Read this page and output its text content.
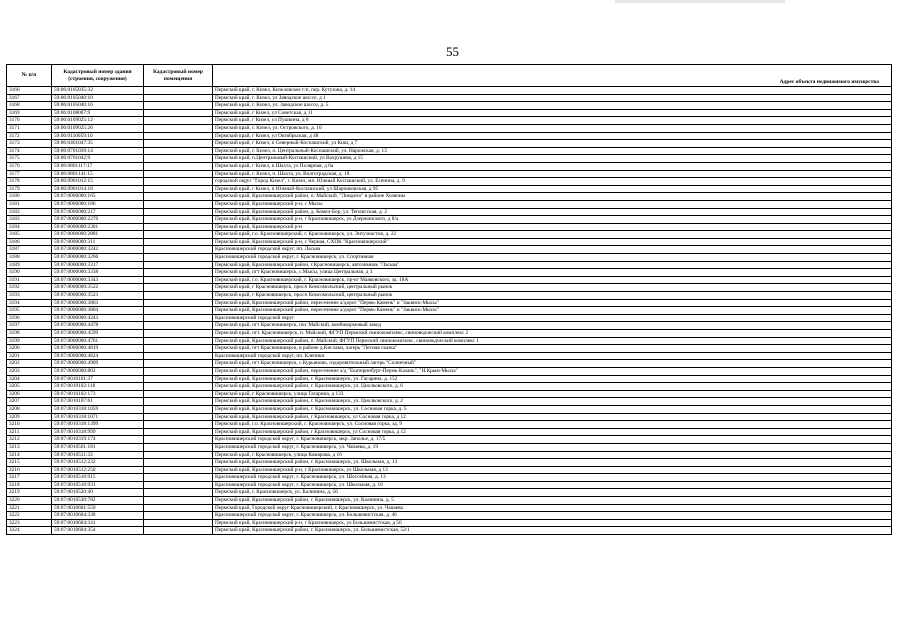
55
№ п/п	Кадастровый номер здания (строения, сооружения)	Кадастровый номер помещения	Адрес объекта недвижимого имущества
3166	59:06:0105035:32		Пермский край, г. Кизел, Кизеловское г/п, пер. Кутузова, д. 14
3167	59:06:0105040:10		Пермский край, г. Кизел, ул Заводское шоссе, д 1
3168	59:06:0105040:16		Пермский край, г. Кизел, ул. Заводское шоссе, д. 5
3169	59:06:0108007:9		Пермский край, г Кизел, ул Советская, д 11
3170	59:06:0109025:12		Пермский край, г Кизел, ул Пушкина, д 8
3171	59:06:0109025:26		Пермский край, г. Кизел, ул. Островского, д. 10
3172	59:06:0110059:10		Пермский край, г Кизел, ул Октябрьская, д 48
3173	59:06:0401047:35		Пермский край, г Кизел, п Северный-Коспашский, ул Киш, д 7
3174	59:06:0701039:14		Пермский край, г. Кизел, п. Центральный-Коспашский, ул. Нарожская, д. 13
3175	59:06:0701042:9		Пермский край, п.Центральный-Коспашский, ул Вахрушева, д 15
3176	59:06:0801117:17		Пермский край, г Кизел, п Шахта, ул Полярная, д 6а
3177	59:06:0801141:15		Пермский край, г. Кизел, п. Шахта, ул. Волгоградская, д. 18
3178	59:06:0901012:15		городской округ "Город Кизел", г. Кизел, мп. Южный Коспашский, ул. Есенина, д. 9
3179	59:06:0901014:18		Пермский край, г Кизел, п Южный-Коспашский, ул Шаронковская, д 95
3180	59:07:0000000:165		Пермский край, Красновишерский район, п. Майский, "Ломдело" в районе Хозяоны
3181	59:07:0000000:186		Пермский край, Красновишерский р-н, с Мысы
3182	59:07:0000000:217		Пермский край, Красновишерский район, д. Комел-Бор, ул. Теплисская, д. 2
3183	59:07:0000000:2276		Пермский край, Красновишерский р-н, г Красновишерск, ул Дзержинского, д 8/а
3184	59:07:0000000:2361		Пермский край, Красновишерский р-н
3185	59:07:0000000:2881		Пермский край, г.о. Красновишерский, г. Красновишерск, ул. Энтузиастов, д. 22
3186	59:07:0000000:311		Пермский край, Красновишерский р-н, с Черная, СХПК "Красновишерский"
3187	59:07:0000000:3242		Красновишерский городской округ, пп. Ласьва
3188	59:07:0000000:3266		Красновишерский городской округ, г. Красновишерск, ул. Спортивная
3189	59:07:0000000:3317		Пермский край, Красновишерский район, г.Красновишерск, автозимник "Ласьва"
3190	59:07:0000000:3338		Пермский край, пгт Красновишерск, с.Мысы, улица Центральная, д 3
3191	59:07:0000000:3343		Пермский край, г.о. Красновишерский, г. Красновишерск, пр-кт Маяковского, зд. 18А
3192	59:07:0000000:3522		Пермский край, г Красновишерск, просп Комсомольский, центральный рынок
3193	59:07:0000000:3523		Пермский край, г Красновишерск, просп Комсомольский, центральный рынок
3194	59:07:0000000:3803		Пермский край, Красновишерский район, пересечение а/дорог "Пермь-Камень" и "Заьвиск-Мысы"
3195	59:07:0000000:3804		Пермский край, Красновишерский район, пересечение а/дорог "Пермь-Камень" и "Заьвиск-Мысы"
3196	59:07:0000000:4243		Красновишерский городской округ
3197	59:07:0000000:4478		Пермский край, пгт Красновишерск, пос Майский, комбикормовый завод
3198	59:07:0000000:4599		Пермский край, пгт. Красновишерск, п. Майский, ФГУП Пермский свинокомплекс, свиноводческий комплекс 2
3199	59:07:0000000:4761		Пермский край, Красновишерский район, п. Майский, ФГУП Пермский свинокомплекс, свиноводческий комплекс 1
3200	59:07:0000000:4819		Пермский край, пгт Красновишерск, в районе д.Кислаки, лагерь "Лесная сказка"
3201	59:07:0000000:4824		Красновишерский городской округ, пп. Клепики
3202	59:07:0000000:4909		Пермский край, пгт Красновишерск, с.Курьяново, оздоровительный лагерь "Солнечный"
3203	59:07:0000000:802		Пермский край, Красновишерский район, пересечение а/д "Екатеринбург-Пермь-Казань", "Н.Крым-Мысы"
3204	59:07:0010101:37		Пермский край, Красновишерский район, г. Красновишерск, ул. Гагарина, д. 152
3205	59:07:0010102:118		Пермский край, Красновишерский район, г. Красновишерск, ул. Циолковского, д. 6
3206	59:07:0010102:173		Пермский край, г Красновишерск, улица Гагарина, д 133
3207	59:07:0010107:61		Пермский край, Красновишерский район, г. Красновишерск, ул. Циолковского, д. 2
3208	59:07:0010318:1059		Пермский край, Красновишерский район, г. Красновишерск, ул. Сосновая горка, д. 5
3209	59:07:0010318:1071		Пермский край, Красновишерский район, г Красновишерск, ул Сосновая горка, д 12
3210	59:07:0010318:1399		Пермский край, г.о. Красновишерский, г. Красновишерск, ул. Сосновая горка, зд. 9
3211	59:07:0010318:999		Пермский край, Красновишерский район, г Красновишерск, ул Сосновая горка, д 12
3212	59:07:0010319:174		Красновишерский городской округ, г. Красновишерск, мкр. Заполье, д. 17/5
3213	59:07:0010501:181		Красновишерский городской округ, г. Красновишерск, ул. Чапаева, д. 19
3214	59:07:0010511:33		Пермский край, г Красновишерск, улица Комарова, д 16
3215	59:07:0010512:232		Пермский край, Красновишерский район, г. Красновишерск, ул. Школьная, д. 13
3216	59:07:0010512:250		Пермский край, Красновишерский р-н, г Красновишерск, ул Школьная, д 13
3217	59:07:0010516:915		Красновишерский городской округ, г. Красновишерск, ул. Шоссейная, д. 13
3218	59:07:0010516:931		Красновишерский городской округ, г. Красновишерск, ул. Школьная, д. 16
3219	59:07:0010520:40		Пермский край, г. Красновишерск, ул. Калинина, д. 56
3220	59:07:0010530:782		Пермский край, Красновишерский район, г. Красновишерск, ул. Калинина, д. 5
3221	59:07:0010601:559		Пермский край, Городской округ Красновишерский, г. Красновишерск, ул. Чапаева
3222	59:07:0010604:338		Красновишерский городской округ, г. Красновишерск, ул. Большевистская, д. 46
3223	59:07:0010604:341		Пермский край, Красновишерский р-н, г Красновишерск, ул Большевистская, д 56
3224	59:07:0010604:354		Пермский край, Красновишерский район, г. Красновишерск, ул. Большевистская, 52/1
